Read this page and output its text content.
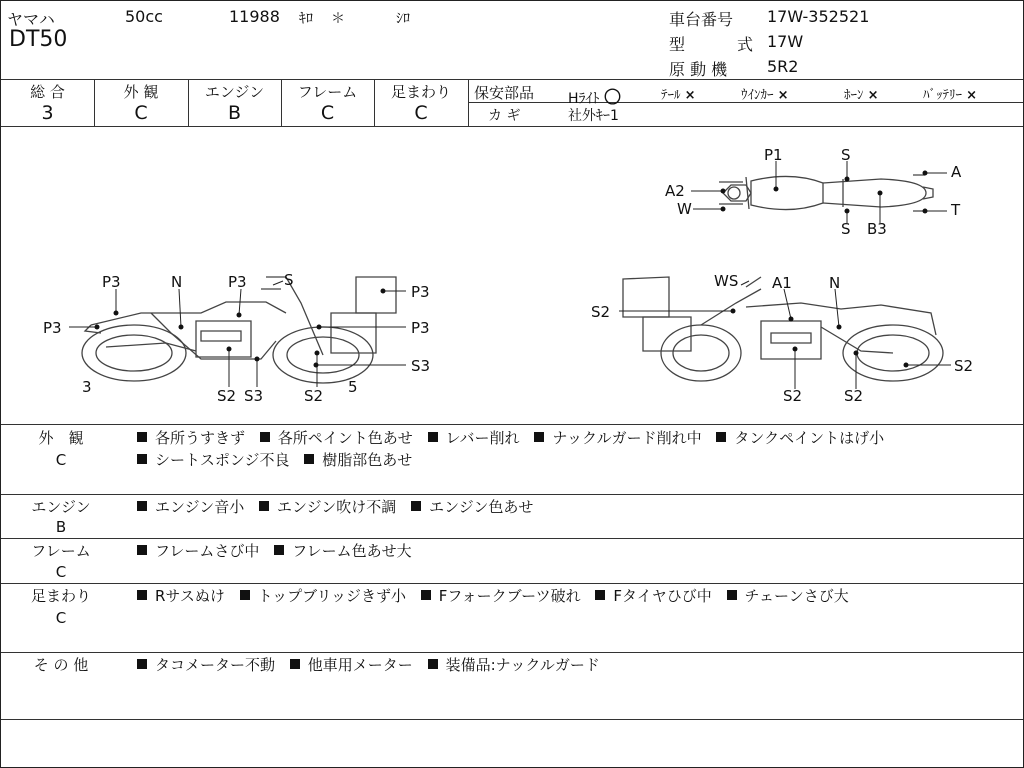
ヤマハ	50cc	11988 ｷﾛ ＊	ｼﾛ
DT50
車台番号 17W-352521
型	式 17W
原 動 機 5R2
総 合
3
外 観
C
エンジン
B
フレーム
C
足まわり
C
保安部品 Hﾗｲﾄ 〇	ﾃｰﾙ ×	ｳｲﾝｶｰ ×	ﾎｰﾝ ×	ﾊﾞｯﾃﾘｰ ×
カ ギ	社外ｷｰ1
P1	S
A2
W
A
T
S B3
P3	N	P3 S
P3
P3	P3
S3
3	S2 S3	S2 5
WS A1 N
S2
S2
S2	S2
外　観
C
各所うすきず 各所ペイント色あせ レバー削れ ナックルガード削れ中 タンクペイントはげ小
シートスポンジ不良 樹脂部色あせ
エンジン
B
エンジン音小 エンジン吹け不調 エンジン色あせ
フレーム
C
フレームさび中 フレーム色あせ大
足まわり
C
Rサスぬけ トップブリッジきず小 Fフォークブーツ破れ Fタイヤひび中 チェーンさび大
そ の 他	タコメーター不動 他車用メーター 装備品:ナックルガード
